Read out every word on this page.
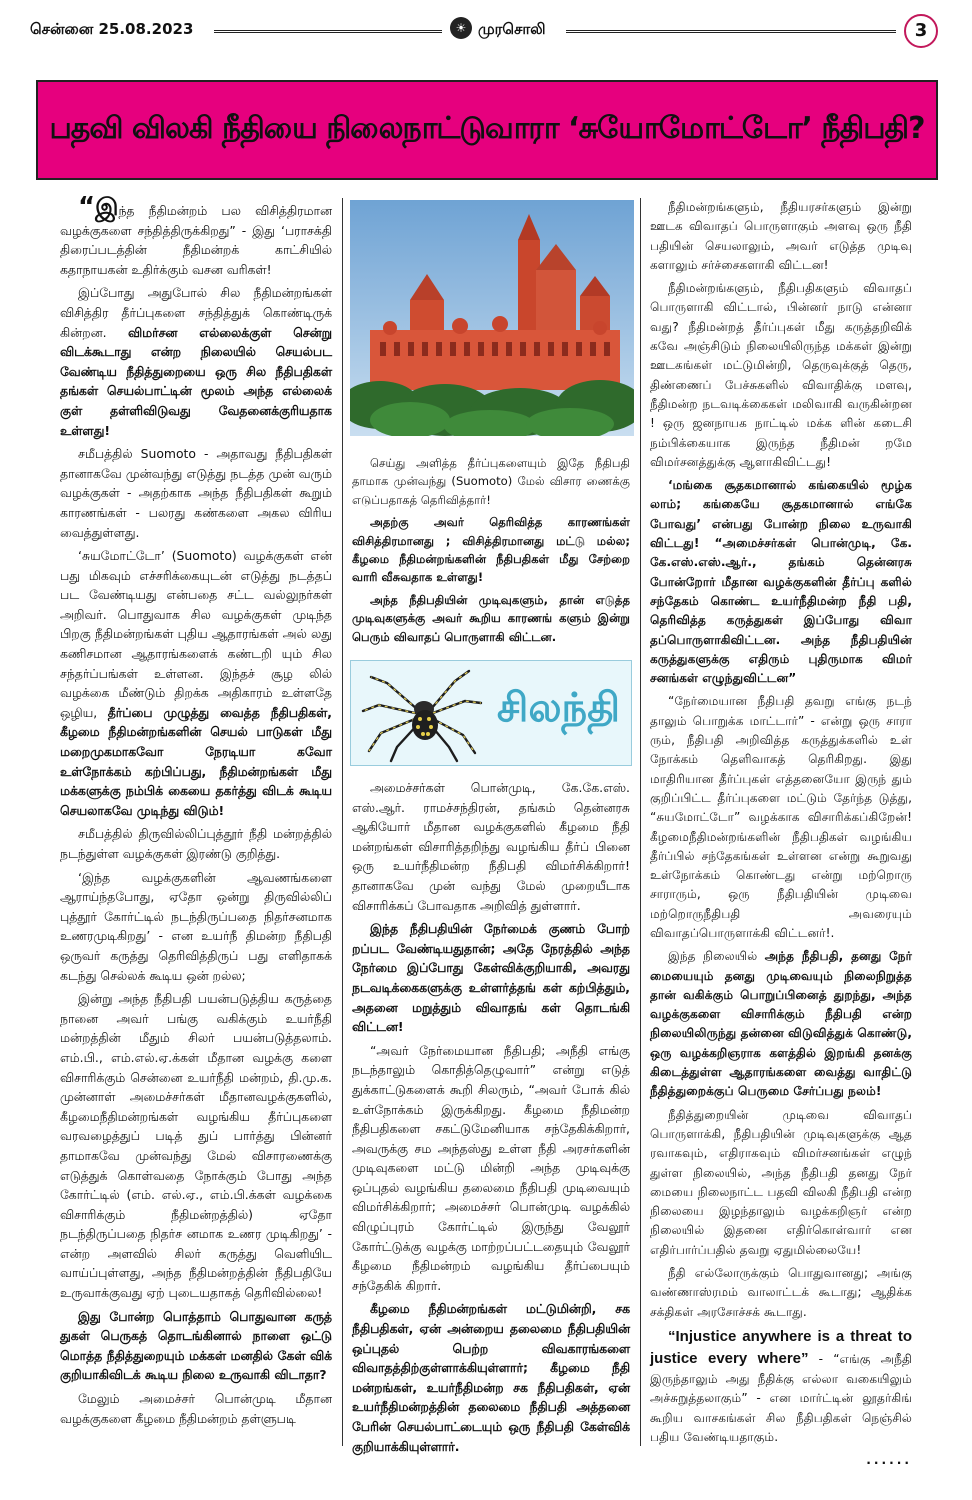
சென்னை 25.08.2023	☀ முரசொலி	3
பதவி விலகி நீதியை நிலைநாட்டுவாரா ‘சுயோமோட்டோ’ நீதிபதி?

“இந்த நீதிமன்றம் பல விசித்திரமான வழக்குகளை சந்தித்திருக்கிறது” - இது ‘பராசக்தி திரைப்படத்தின் நீதிமன்றக் காட்சியில் கதாநாயகன் உதிர்க்கும் வசன வரிகள்!

இப்போது அதுபோல் சில நீதிமன்றங்கள் விசித்திர தீர்ப்புகளை சந்தித்துக் கொண்டிருக் கின்றன. விமர்சன எல்லைக்குள் சென்று விடக்கூடாது என்ற நிலையில் செயல்பட வேண்டிய நீதித்துறையை ஒரு சில நீதிபதிகள் தங்கள் செயல்பாட்டின் மூலம் அந்த எல்லைக் குள் தள்ளிவிடுவது வேதனைக்குரியதாக உள்ளது!

சமீபத்தில் Suomoto - அதாவது நீதிபதிகள் தானாகவே முன்வந்து எடுத்து நடத்த முன் வரும் வழக்குகள் - அதற்காக அந்த நீதிபதிகள் கூறும் காரணங்கள் - பலரது கண்களை அகல விரிய வைத்துள்ளது.

‘சுயமோட்டோ’ (Suomoto) வழக்குகள் என் பது மிகவும் எச்சரிக்கையுடன் எடுத்து நடத்தப் பட வேண்டியது என்பதை சட்ட வல்லுநர்கள் அறிவர். பொதுவாக சில வழக்குகள் முடிந்த பிறகு நீதிமன்றங்கள் புதிய ஆதாரங்கள் அல் லது கணிசமான ஆதாரங்களைக் கண்டறி யும் சில சந்தர்ப்பங்கள் உள்ளன. இந்தச் சூழ லில் வழக்கை மீண்டும் திறக்க அதிகாரம் உள்ளதே ஒழிய, தீர்ப்பை முழுத்து வைத்த நீதிபதிகள், கீழமை நீதிமன்றங்களின் செயல் பாடுகள் மீது மறைமுகமாகவோ நேரடியா கவோ உள்நோக்கம் கற்பிப்பது, நீதிமன்றங்கள் மீது மக்களுக்கு நம்பிக் கையை தகர்த்து விடக் கூடிய செயலாகவே முடிந்து விடும்!

சமீபத்தில் திருவில்லிப்புத்தூர் நீதி மன்றத்தில் நடந்துள்ள வழக்குகள் இரண்டு குறித்து.

‘இந்த வழக்குகளின் ஆவணங்களை ஆராய்ந்தபோது, ஏதோ ஒன்று திருவில்லிப் புத்தூர் கோர்ட்டில் நடந்திருப்பதை நிதர்சனமாக உணரமுடிகிறது’ - என உயர்நீ திமன்ற நீதிபதி ஒருவர் கருத்து தெரிவித்திருப் பது எளிதாகக் கடந்து செல்லக் கூடிய ஒன் றல்ல;

இன்று அந்த நீதிபதி பயன்படுத்திய கருத்தை நானை அவர் பங்கு வகிக்கும் உயர்நீதி மன்றத்தின் மீதும் சிலர் பயன்படுத்தலாம். எம்.பி., எம்.எல்.ஏ.க்கள் மீதான வழக்கு களை விசாரிக்கும் சென்னை உயர்நீதி மன்றம், தி.மு.க. முன்னாள் அமைச்சர்கள் மீதானவழக்குகளில், கீழமைநீதிமன்றங்கள் வழங்கிய தீர்ப்புகளை வரவழைத்துப் படித் துப் பார்த்து பின்னர் தாமாகவே முன்வந்து மேல் விசாரணைக்கு எடுத்துக் கொள்வதை நோக்கும் போது அந்த கோர்ட்டில் (எம். எல்.ஏ., எம்.பி.க்கள் வழக்கை விசாரிக்கும் நீதிமன்றத்தில்) ஏதோ நடந்திருப்பதை நிதர்ச னமாக உணர முடிகிறது’ - என்ற அளவில் சிலர் கருத்து வெளியிட வாய்ப்புள்ளது, அந்த நீதிமன்றத்தின் நீதிபதியே உருவாக்குவது ஏற் புடையதாகத் தெரிவில்லை!

இது போன்ற பொத்தாம் பொதுவான கருத் துகள் பெருகத் தொடங்கினால் நாளை ஒட்டு மொத்த நீதித்துறையும் மக்கள் மனதில் கேள் விக் குறியாகிவிடக் கூடிய நிலை உருவாகி விடாதா?

மேலும் அமைச்சர் பொன்முடி மீதான வழக்குகளை கீழமை நீதிமன்றம் தள்ளுபடி

செய்து அளித்த தீர்ப்புகளையும் இதே நீதிபதி தாமாக முன்வந்து (Suomoto) மேல் விசார ணைக்கு எடுப்பதாகத் தெரிவித்தார்!

அதற்கு அவர் தெரிவித்த காரணங்கள் விசித்திரமானது ; விசித்திரமானது மட்டு மல்ல; கீழமை நீதிமன்றங்களின் நீதிபதிகள் மீது சேற்றை வாரி வீசுவதாக உள்ளது!

அந்த நீதிபதியின் முடிவுகளும், தான் எடுத்த முடிவுகளுக்கு அவர் கூறிய காரணங் களும் இன்று பெரும் விவாதப் பொருளாகி விட்டன.

சிலந்தி

அமைச்சர்கள் பொன்முடி, கே.கே.எஸ். எஸ்.ஆர். ராமச்சந்திரன், தங்கம் தென்னரசு ஆகியோர் மீதான வழக்குகளில் கீழமை நீதி மன்றங்கள் விசாரித்தறிந்து வழங்கிய தீர்ப் பினை ஒரு உயர்நீதிமன்ற நீதிபதி விமர்சிக்கிறார்! தானாகவே முன் வந்து மேல் முறையீடாக விசாரிக்கப் போவதாக அறிவித் துள்ளார்.

இந்த நீதிபதியின் நேர்மைக் குணம் போற் றப்பட வேண்டியதுதான்; அதே நேரத்தில் அந்த நேர்மை இப்போது கேள்விக்குறியாகி, அவரது நடவடிக்கைகளுக்கு உள்ளர்த்தங் கள் கற்பித்தும், அதனை மறுத்தும் விவாதங் கள் தொடங்கி விட்டன!

“அவர் நேர்மையான நீதிபதி; அநீதி எங்கு நடந்தாலும் கொதித்தெழுவார்” என்று எடுத் துக்காட்டுகளைக் கூறி சிலரும், “அவர் போக் கில் உள்நோக்கம் இருக்கிறது. கீழமை நீதிமன்ற நீதிபதிகளை சகட்டுமேனியாக சந்தேகிக்கிறார், அவருக்கு சம அந்தஸ்து உள்ள நீதி அரசர்களின் முடிவுகளை மட்டு மின்றி அந்த முடிவுக்கு ஒப்புதல் வழங்கிய தலைமை நீதிபதி முடிவையும் விமர்சிக்கிறார்; அமைச்சர் பொன்முடி வழக்கில் விழுப்புரம் கோர்ட்டில் இருந்து வேலூர் கோர்ட்டுக்கு வழக்கு மாற்றப்பட்டதையும் வேலூர் கீழமை நீதிமன்றம் வழங்கிய தீர்ப்பையும் சந்தேகிக் கிறார்.

கீழமை நீதிமன்றங்கள் மட்டுமின்றி, சக நீதிபதிகள், ஏன் அன்றைய தலைமை நீதிபதியின் ஒப்புதல் பெற்ற விவகாரங்களை விவாதத்திற்குள்ளாக்கியுள்ளார்; கீழமை நீதி மன்றங்கள், உயர்நீதிமன்ற சக நீதிபதிகள், ஏன் உயர்நீதிமன்றத்தின் தலைமை நீதிபதி அத்தனை பேரின் செயல்பாட்டையும் ஒரு நீதிபதி கேள்விக் குறியாக்கியுள்ளார்.

நீதிமன்றங்களும், நீதியரசர்களும் இன்று ஊடக விவாதப் பொருளாகும் அளவு ஒரு நீதி பதியின் செயலாலும், அவர் எடுத்த முடிவு களாலும் சர்ச்சைகளாகி விட்டன!

நீதிமன்றங்களும், நீதிபதிகளும் விவாதப் பொருளாகி விட்டால், பின்னர் நாடு என்னா வது? நீதிமன்றத் தீர்ப்புகள் மீது கருத்தறிவிக் கவே அஞ்சிடும் நிலையிலிருந்த மக்கள் இன்று ஊடகங்கள் மட்டுமின்றி, தெருவுக்குத் தெரு, திண்ணைப் பேச்சுகளில் விவாதிக்கு மளவு, நீதிமன்ற நடவடிக்கைகள் மலிவாகி வருகின்றன ! ஒரு ஜனநாயக நாட்டில் மக்க ளின் கடைசி நம்பிக்கையாக இருந்த நீதிமன் றமே விமர்சனத்துக்கு ஆளாகிவிட்டது!

‘மங்கை சூதகமானால் கங்கையில் மூழ்க லாம்; கங்கையே சூதகமானால் எங்கே போவது’ என்பது போன்ற நிலை உருவாகி விட்டது! “அமைச்சர்கள் பொன்முடி, கே. கே.எஸ்.எஸ்.ஆர்., தங்கம் தென்னரசு போன்றோர் மீதான வழக்குகளின் தீர்ப்பு களில் சந்தேகம் கொண்ட உயர்நீதிமன்ற நீதி பதி, தெரிவித்த கருத்துகள் இப்போது விவா தப்பொருளாகிவிட்டன. அந்த நீதிபதியின் கருத்துகளுக்கு எதிரும் புதிருமாக விமர் சனங்கள் எழுந்துவிட்டன”

“நேர்மையான நீதிபதி தவறு எங்கு நடந் தாலும் பொறுக்க மாட்டார்” - என்று ஒரு சாரா ரும், நீதிபதி அறிவித்த கருத்துக்களில் உள் நோக்கம் தெளிவாகத் தெரிகிறது. இது மாதிரியான தீர்ப்புகள் எத்தனையோ இருந் தும் குறிப்பிட்ட தீர்ப்புகளை மட்டும் தேர்ந்த டுத்து, “சுயமோட்டோ” வழக்காக விசாரிக்கப்கிறேன்!கீழமைநீதிமன்றங்களின் நீதிபதிகள் வழங்கிய தீர்ப்பில் சந்தேகங்கள் உள்ளன என்று கூறுவது உள்நோக்கம் கொண்டது என்று மற்றொரு சாராரும், ஒரு நீதிபதியின் முடிவை மற்றொருநீதிபதி அவரையும் விவாதப்பொருளாக்கி விட்டனர்!.

இந்த நிலையில் அந்த நீதிபதி, தனது நேர் மையையும் தனது முடிவையும் நிலைநிறுத்த தான் வகிக்கும் பொறுப்பினைத் துறந்து, அந்த வழக்குகளை விசாரிக்கும் நீதிபதி என்ற நிலையிலிருந்து தன்னை விடுவித்துக் கொண்டு, ஒரு வழக்கறிஞராக களத்தில் இறங்கி தனக்கு கிடைத்துள்ள ஆதாரங்களை வைத்து வாதிட்டு நீதித்துறைக்குப் பெருமை சேர்ப்பது நலம்!

நீதித்துறையின் முடிவை விவாதப் பொருளாக்கி, நீதிபதியின் முடிவுகளுக்கு ஆத ரவாகவும், எதிராகவும் விமர்சனங்கள் எழுந் துள்ள நிலையில், அந்த நீதிபதி தனது நேர் மையை நிலைநாட்ட பதவி விலகி நீதிபதி என்ற நிலையை இழந்தாலும் வழக்கறிஞர் என்ற நிலையில் இதனை எதிர்கொள்வார் என எதிர்பார்ப்பதில் தவறு ஏதுமில்லையே!

நீதி எல்லோருக்கும் பொதுவானது; அங்கு வண்ணாஸ்ரமம் வாலாட்டக் கூடாது; ஆதிக்க சக்திகள் அரசோச்சக் கூடாது.

“Injustice anywhere is a threat to justice every where” - “எங்கு அநீதி இருந்தாலும் அது நீதிக்கு எல்லா வகையிலும் அச்சுறுத்தலாகும்” - என மார்ட்டின் லூதர்கிங் கூறிய வாசகங்கள் சில நீதிபதிகள் நெஞ்சில் பதிய வேண்டியதாகும்.

......
